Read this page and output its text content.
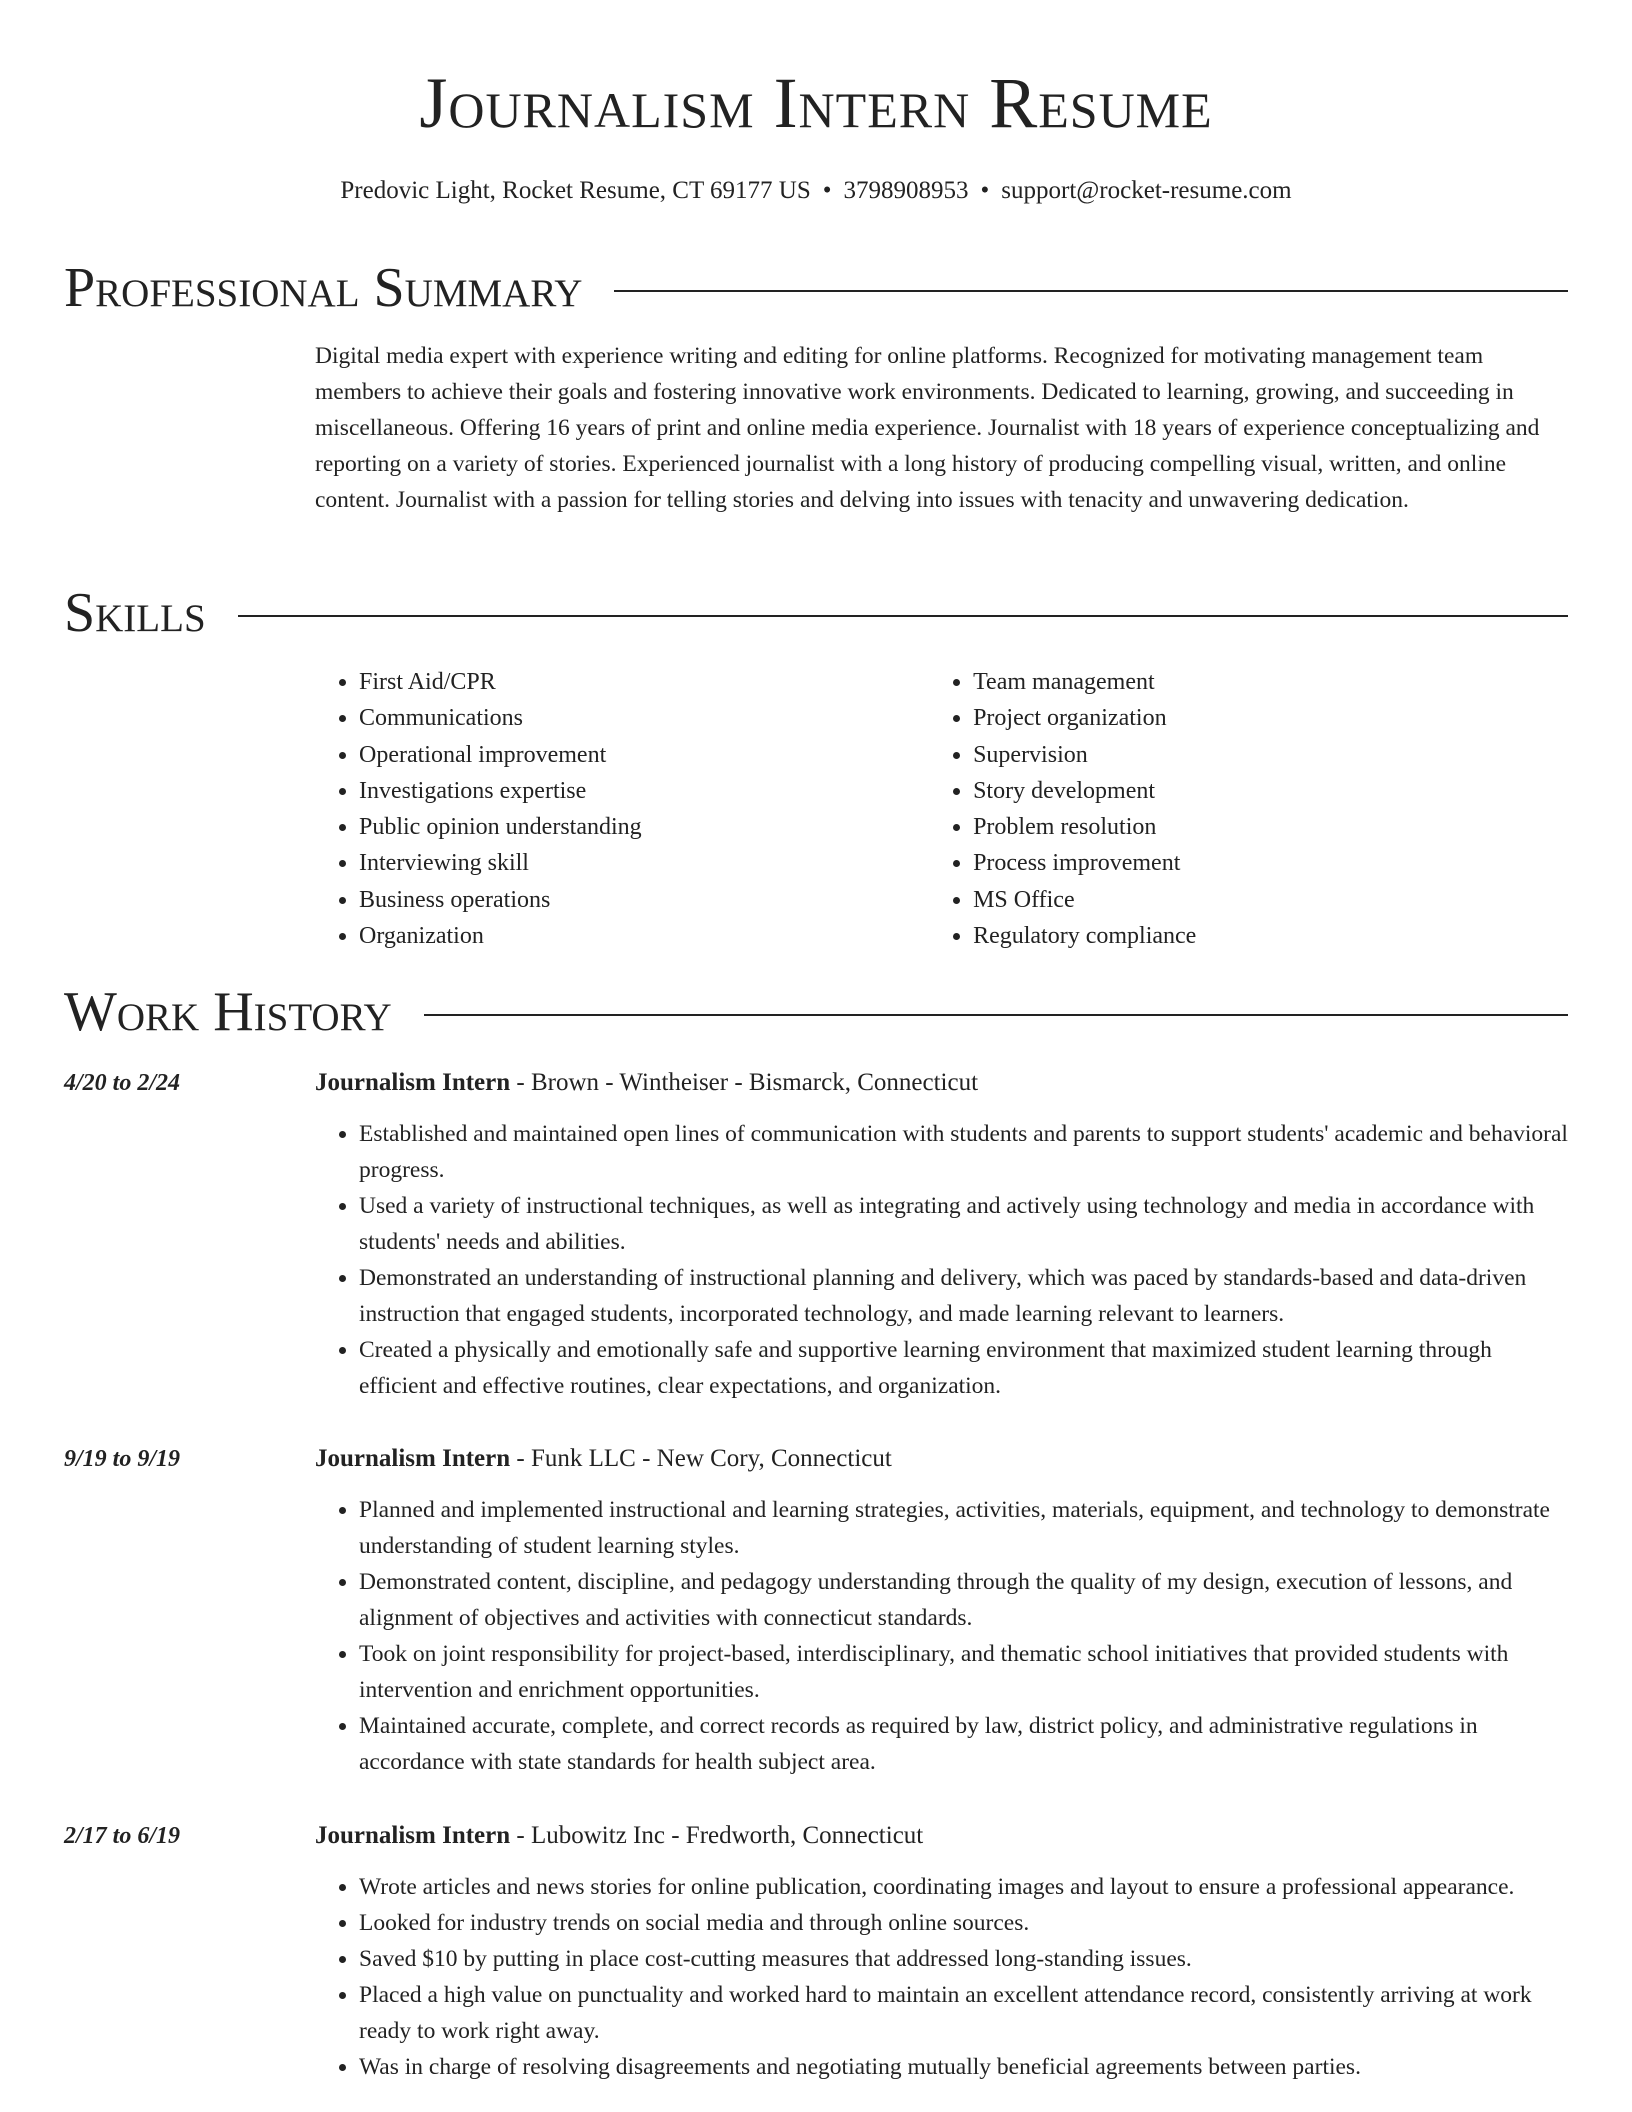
Journalism Intern Resume
Predovic Light, Rocket Resume, CT 69177 US • 3798908953 • support@rocket-resume.com
Professional Summary

Digital media expert with experience writing and editing for online platforms. Recognized for motivating management team members to achieve their goals and fostering innovative work environments. Dedicated to learning, growing, and succeeding in miscellaneous. Offering 16 years of print and online media experience. Journalist with 18 years of experience conceptualizing and reporting on a variety of stories. Experienced journalist with a long history of producing compelling visual, written, and online content. Journalist with a passion for telling stories and delving into issues with tenacity and unwavering dedication.

Skills
• First Aid/CPR
• Communications
• Operational improvement
• Investigations expertise
• Public opinion understanding
• Interviewing skill
• Business operations
• Organization
• Team management
• Project organization
• Supervision
• Story development
• Problem resolution
• Process improvement
• MS Office
• Regulatory compliance
Work History
4/20 to 2/24	Journalism Intern - Brown - Wintheiser - Bismarck, Connecticut
• Established and maintained open lines of communication with students and parents to support students' academic and behavioral progress.
• Used a variety of instructional techniques, as well as integrating and actively using technology and media in accordance with students' needs and abilities.
• Demonstrated an understanding of instructional planning and delivery, which was paced by standards-based and data-driven instruction that engaged students, incorporated technology, and made learning relevant to learners.
• Created a physically and emotionally safe and supportive learning environment that maximized student learning through efficient and effective routines, clear expectations, and organization.
9/19 to 9/19	Journalism Intern - Funk LLC - New Cory, Connecticut
• Planned and implemented instructional and learning strategies, activities, materials, equipment, and technology to demonstrate understanding of student learning styles.
• Demonstrated content, discipline, and pedagogy understanding through the quality of my design, execution of lessons, and alignment of objectives and activities with connecticut standards.
• Took on joint responsibility for project-based, interdisciplinary, and thematic school initiatives that provided students with intervention and enrichment opportunities.
• Maintained accurate, complete, and correct records as required by law, district policy, and administrative regulations in accordance with state standards for health subject area.
2/17 to 6/19	Journalism Intern - Lubowitz Inc - Fredworth, Connecticut
• Wrote articles and news stories for online publication, coordinating images and layout to ensure a professional appearance.
• Looked for industry trends on social media and through online sources.
• Saved $10 by putting in place cost-cutting measures that addressed long-standing issues.
• Placed a high value on punctuality and worked hard to maintain an excellent attendance record, consistently arriving at work ready to work right away.
• Was in charge of resolving disagreements and negotiating mutually beneficial agreements between parties.
